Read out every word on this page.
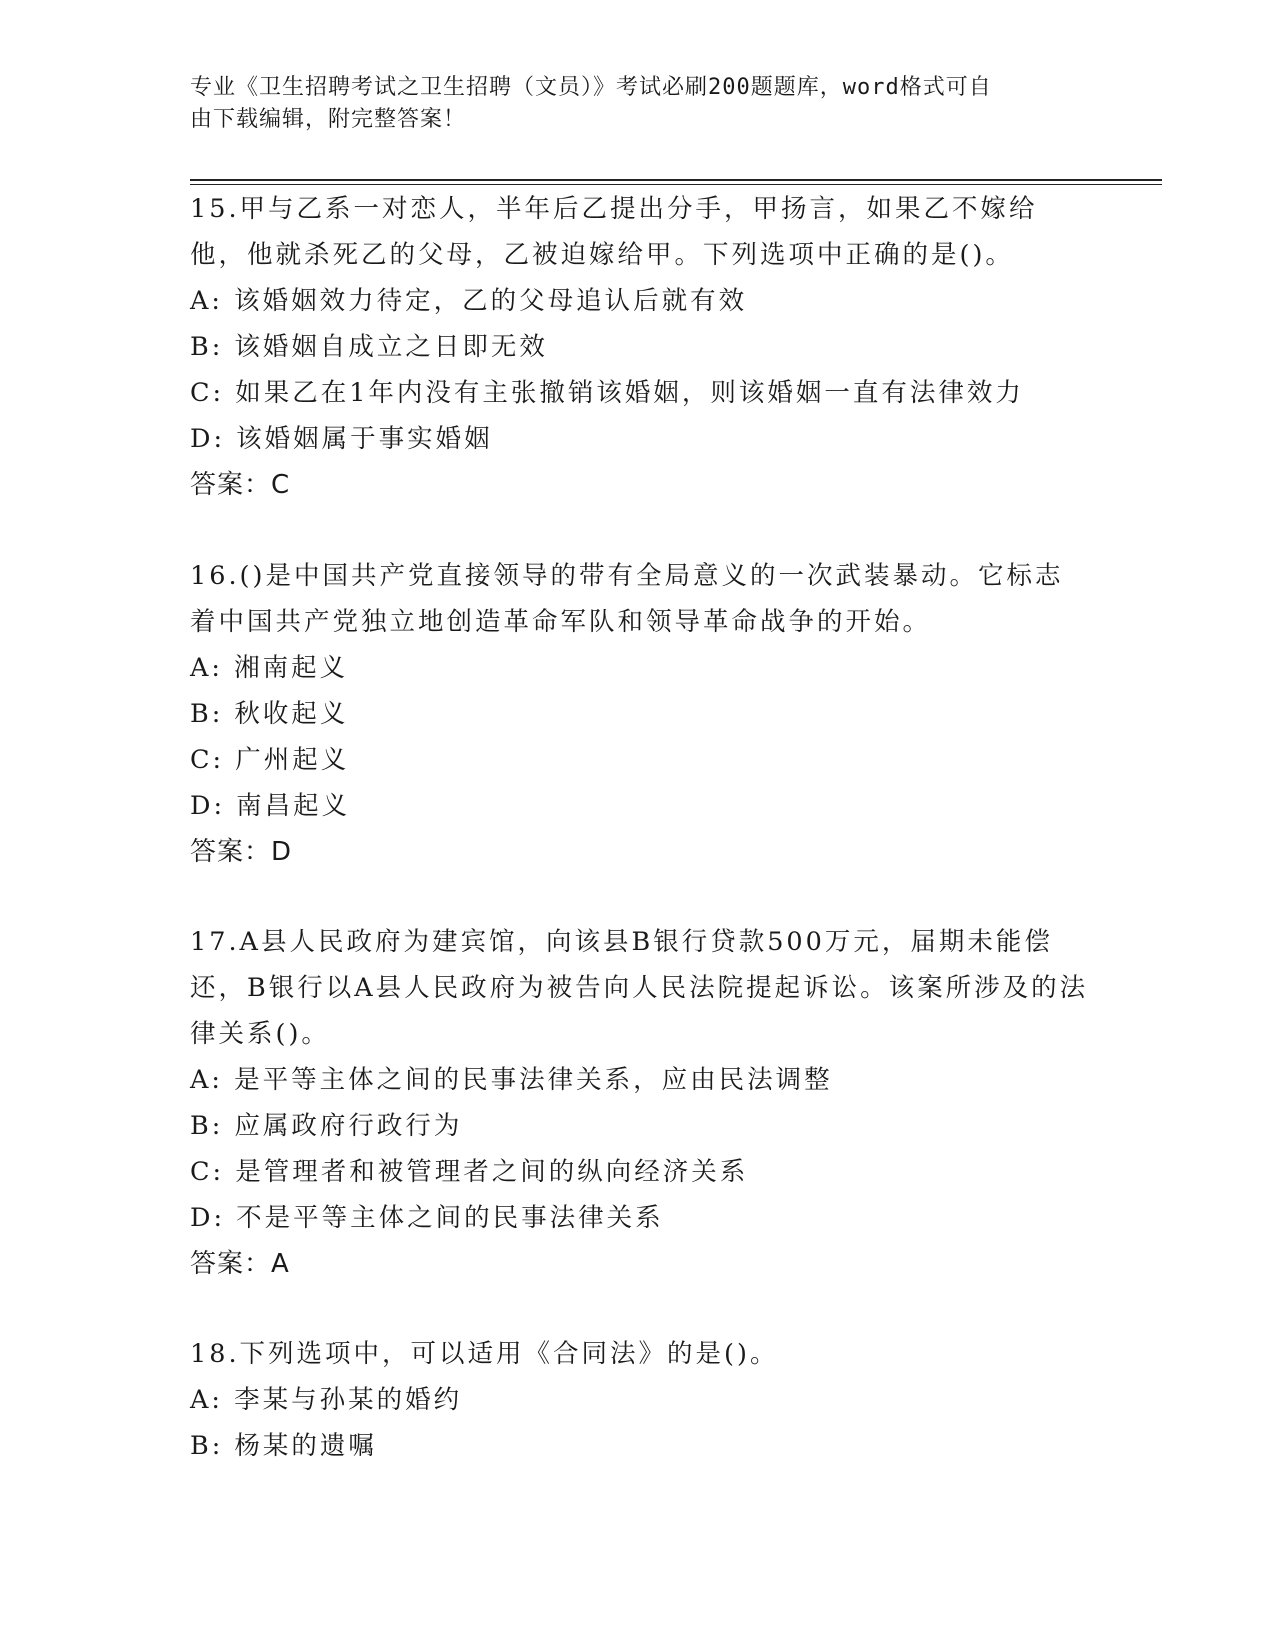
专业《卫生招聘考试之卫生招聘（文员）》考试必刷200题题库，word格式可自
由下载编辑，附完整答案！
15.甲与乙系一对恋人，半年后乙提出分手，甲扬言，如果乙不嫁给他，他就杀死乙的父母，乙被迫嫁给甲。下列选项中正确的是()。
A: 该婚姻效力待定，乙的父母追认后就有效
B: 该婚姻自成立之日即无效
C: 如果乙在1年内没有主张撤销该婚姻，则该婚姻一直有法律效力
D: 该婚姻属于事实婚姻
答案：C
16.()是中国共产党直接领导的带有全局意义的一次武装暴动。它标志着中国共产党独立地创造革命军队和领导革命战争的开始。
A: 湘南起义
B: 秋收起义
C: 广州起义
D: 南昌起义
答案：D
17.A县人民政府为建宾馆，向该县B银行贷款500万元，届期未能偿还，B银行以A县人民政府为被告向人民法院提起诉讼。该案所涉及的法律关系()。
A: 是平等主体之间的民事法律关系，应由民法调整
B: 应属政府行政行为
C: 是管理者和被管理者之间的纵向经济关系
D: 不是平等主体之间的民事法律关系
答案：A
18.下列选项中，可以适用《合同法》的是()。
A: 李某与孙某的婚约
B: 杨某的遗嘱
